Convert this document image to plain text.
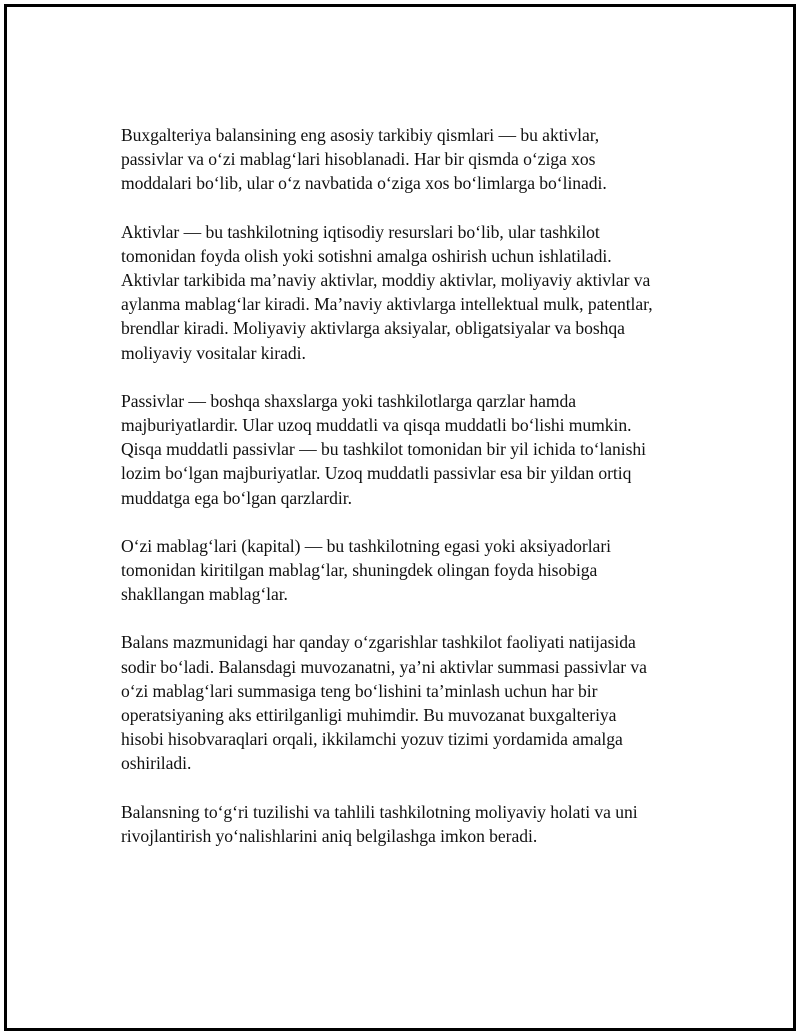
Buxgalteriya balansining eng asosiy tarkibiy qismlari — bu aktivlar,
passivlar va o‘zi mablag‘lari hisoblanadi. Har bir qismda o‘ziga xos
moddalari bo‘lib, ular o‘z navbatida o‘ziga xos bo‘limlarga bo‘linadi.

Aktivlar — bu tashkilotning iqtisodiy resurslari bo‘lib, ular tashkilot
tomonidan foyda olish yoki sotishni amalga oshirish uchun ishlatiladi.
Aktivlar tarkibida ma’naviy aktivlar, moddiy aktivlar, moliyaviy aktivlar va
aylanma mablag‘lar kiradi. Ma’naviy aktivlarga intellektual mulk, patentlar,
brendlar kiradi. Moliyaviy aktivlarga aksiyalar, obligatsiyalar va boshqa
moliyaviy vositalar kiradi.

Passivlar — boshqa shaxslarga yoki tashkilotlarga qarzlar hamda
majburiyatlardir. Ular uzoq muddatli va qisqa muddatli bo‘lishi mumkin.
Qisqa muddatli passivlar — bu tashkilot tomonidan bir yil ichida to‘lanishi
lozim bo‘lgan majburiyatlar. Uzoq muddatli passivlar esa bir yildan ortiq
muddatga ega bo‘lgan qarzlardir.

O‘zi mablag‘lari (kapital) — bu tashkilotning egasi yoki aksiyadorlari
tomonidan kiritilgan mablag‘lar, shuningdek olingan foyda hisobiga
shakllangan mablag‘lar.

Balans mazmunidagi har qanday o‘zgarishlar tashkilot faoliyati natijasida
sodir bo‘ladi. Balansdagi muvozanatni, ya’ni aktivlar summasi passivlar va
o‘zi mablag‘lari summasiga teng bo‘lishini ta’minlash uchun har bir
operatsiyaning aks ettirilganligi muhimdir. Bu muvozanat buxgalteriya
hisobi hisobvaraqlari orqali, ikkilamchi yozuv tizimi yordamida amalga
oshiriladi.

Balansning to‘g‘ri tuzilishi va tahlili tashkilotning moliyaviy holati va uni
rivojlantirish yo‘nalishlarini aniq belgilashga imkon beradi.
